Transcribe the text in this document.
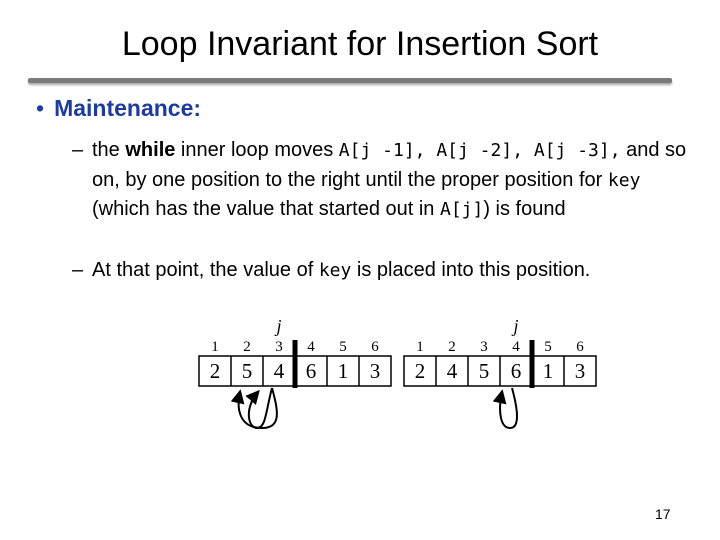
Loop Invariant for Insertion Sort
• Maintenance:
– the while inner loop moves A[j -1], A[j -2], A[j -3], and so on, by one position to the right until the proper position for key (which has the value that started out in A[j]) is found
– At that point, the value of key is placed into this position.
1 2 3 4 5 6
2 5 4 6 1 3
j
1 2 3 4 5 6
2 4 5 6 1 3
j
17
